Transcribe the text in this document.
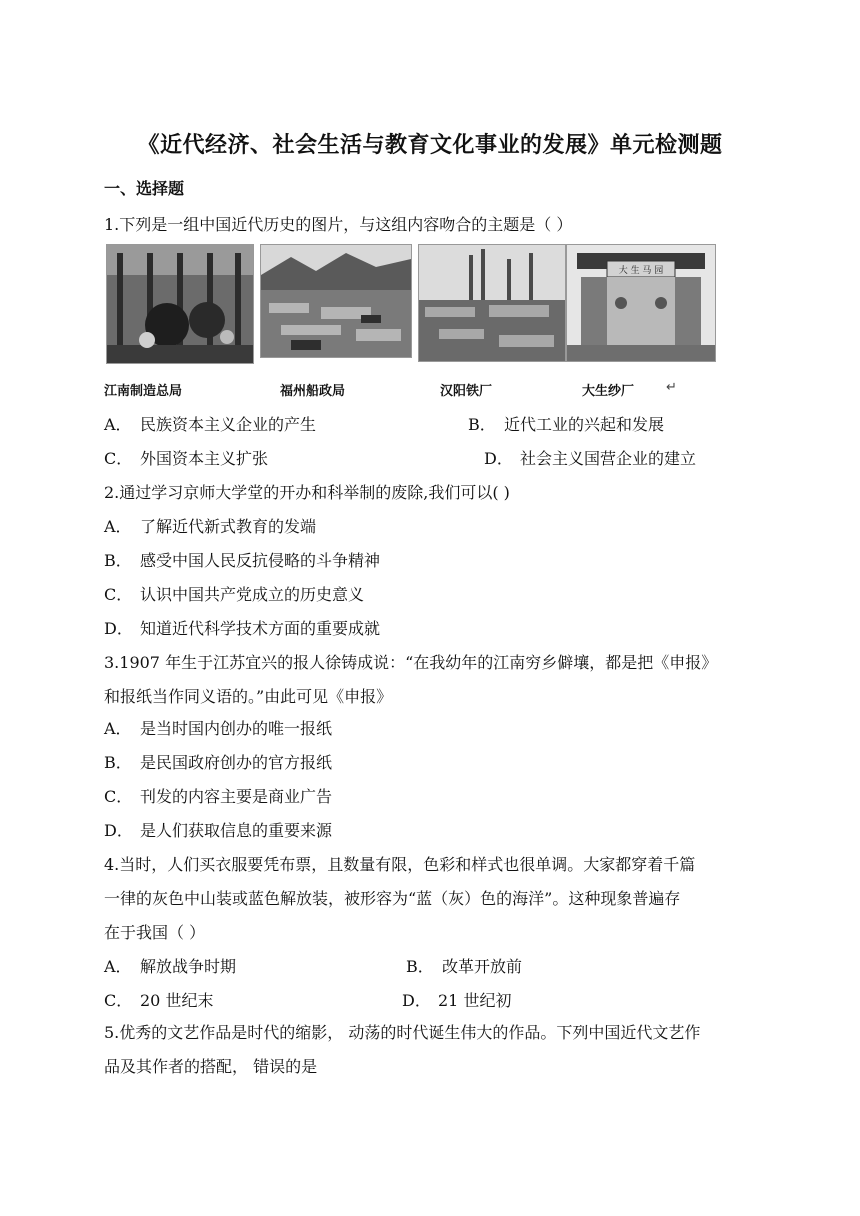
《近代经济、社会生活与教育文化事业的发展》单元检测题
一、选择题
1.下列是一组中国近代历史的图片，与这组内容吻合的主题是（ ）
大 生 马 园
江南制造总局	福州船政局	汉阳铁厂	大生纱厂 ↵
A． 民族资本主义企业的产生	B． 近代工业的兴起和发展
C． 外国资本主义扩张	D． 社会主义国营企业的建立
2.通过学习京师大学堂的开办和科举制的废除,我们可以( )
A． 了解近代新式教育的发端
B． 感受中国人民反抗侵略的斗争精神
C． 认识中国共产党成立的历史意义
D． 知道近代科学技术方面的重要成就
3.1907 年生于江苏宜兴的报人徐铸成说：“在我幼年的江南穷乡僻壤，都是把《申报》
和报纸当作同义语的。”由此可见《申报》
A． 是当时国内创办的唯一报纸
B． 是民国政府创办的官方报纸
C． 刊发的内容主要是商业广告
D． 是人们获取信息的重要来源
4.当时，人们买衣服要凭布票，且数量有限，色彩和样式也很单调。大家都穿着千篇
一律的灰色中山装或蓝色解放装，被形容为“蓝（灰）色的海洋”。这种现象普遍存
在于我国（ ）
A． 解放战争时期	B． 改革开放前
C． 20 世纪末	D． 21 世纪初
5.优秀的文艺作品是时代的缩影， 动荡的时代诞生伟大的作品。下列中国近代文艺作
品及其作者的搭配， 错误的是
